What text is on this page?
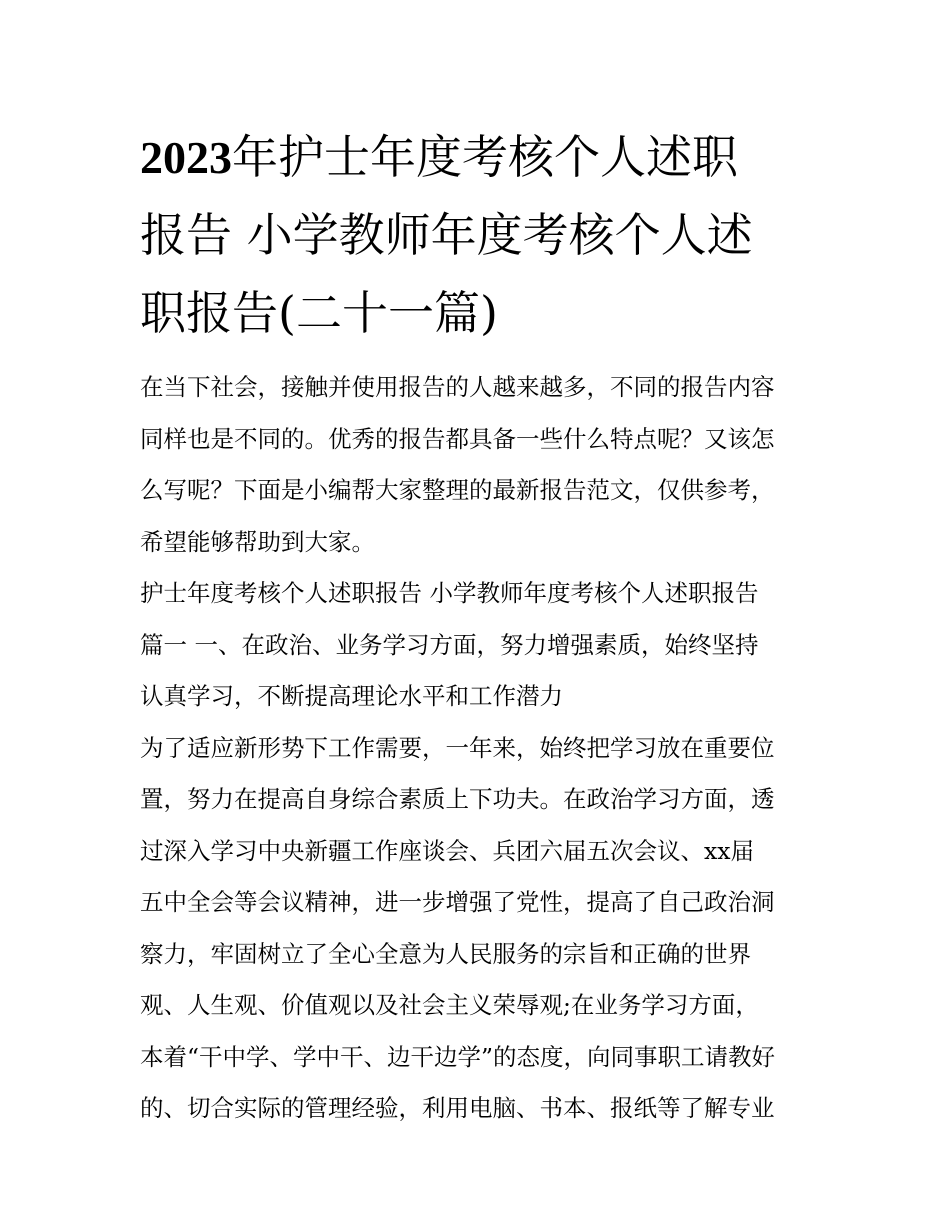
2023年护士年度考核个人述职
报告 小学教师年度考核个人述
职报告(二十一篇)
在当下社会，接触并使用报告的人越来越多，不同的报告内容
同样也是不同的。优秀的报告都具备一些什么特点呢？又该怎
么写呢？下面是小编帮大家整理的最新报告范文，仅供参考，
希望能够帮助到大家。
护士年度考核个人述职报告 小学教师年度考核个人述职报告
篇一 一、在政治、业务学习方面，努力增强素质，始终坚持
认真学习，不断提高理论水平和工作潜力
为了适应新形势下工作需要，一年来，始终把学习放在重要位
置，努力在提高自身综合素质上下功夫。在政治学习方面，透
过深入学习中央新疆工作座谈会、兵团六届五次会议、xx届
五中全会等会议精神，进一步增强了党性，提高了自己政治洞
察力，牢固树立了全心全意为人民服务的宗旨和正确的世界
观、人生观、价值观以及社会主义荣辱观;在业务学习方面，
本着“干中学、学中干、边干边学”的态度，向同事职工请教好
的、切合实际的管理经验，利用电脑、书本、报纸等了解专业
